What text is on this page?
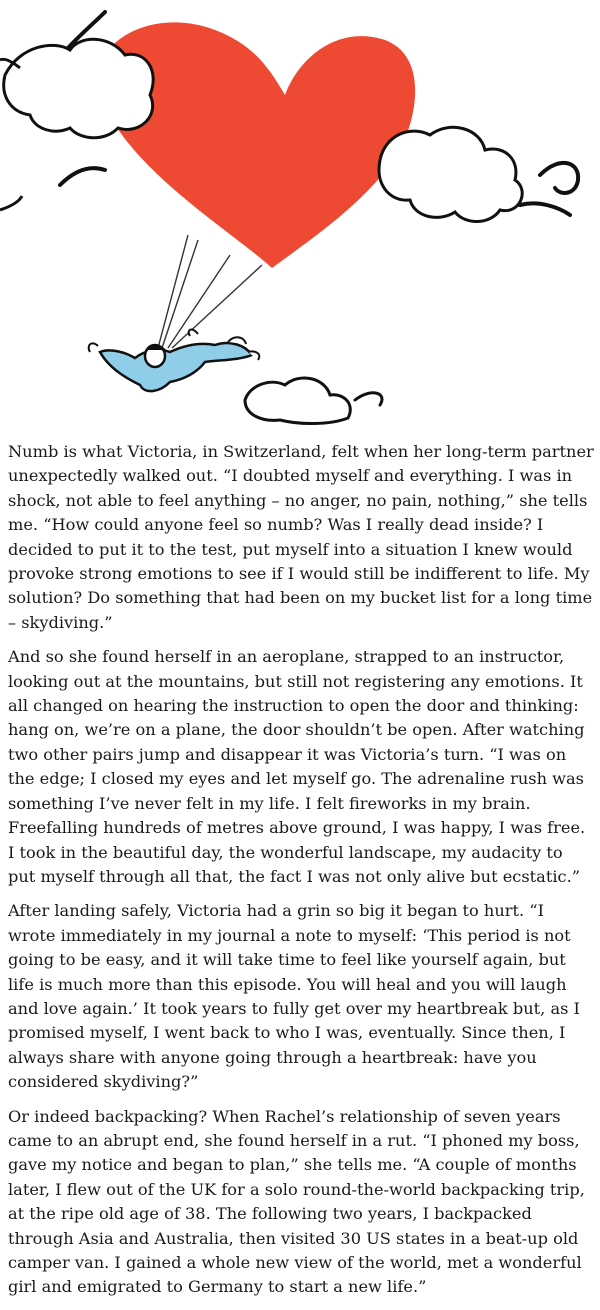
Numb is what Victoria, in Switzerland, felt when her long-term partner unexpectedly walked out. “I doubted myself and everything. I was in shock, not able to feel anything – no anger, no pain, nothing,” she tells me. “How could anyone feel so numb? Was I really dead inside? I decided to put it to the test, put myself into a situation I knew would provoke strong emotions to see if I would still be indifferent to life. My solution? Do something that had been on my bucket list for a long time – skydiving.”

And so she found herself in an aeroplane, strapped to an instructor, looking out at the mountains, but still not registering any emotions. It all changed on hearing the instruction to open the door and thinking: hang on, we’re on a plane, the door shouldn’t be open. After watching two other pairs jump and disappear it was Victoria’s turn. “I was on the edge; I closed my eyes and let myself go. The adrenaline rush was something I’ve never felt in my life. I felt fireworks in my brain. Freefalling hundreds of metres above ground, I was happy, I was free. I took in the beautiful day, the wonderful landscape, my audacity to put myself through all that, the fact I was not only alive but ecstatic.”

After landing safely, Victoria had a grin so big it began to hurt. “I wrote immediately in my journal a note to myself: ‘This period is not going to be easy, and it will take time to feel like yourself again, but life is much more than this episode. You will heal and you will laugh and love again.’ It took years to fully get over my heartbreak but, as I promised myself, I went back to who I was, eventually. Since then, I always share with anyone going through a heartbreak: have you considered skydiving?”

Or indeed backpacking? When Rachel’s relationship of seven years came to an abrupt end, she found herself in a rut. “I phoned my boss, gave my notice and began to plan,” she tells me. “A couple of months later, I flew out of the UK for a solo round-the-world backpacking trip, at the ripe old age of 38. The following two years, I backpacked through Asia and Australia, then visited 30 US states in a beat-up old camper van. I gained a whole new view of the world, met a wonderful girl and emigrated to Germany to start a new life.”
